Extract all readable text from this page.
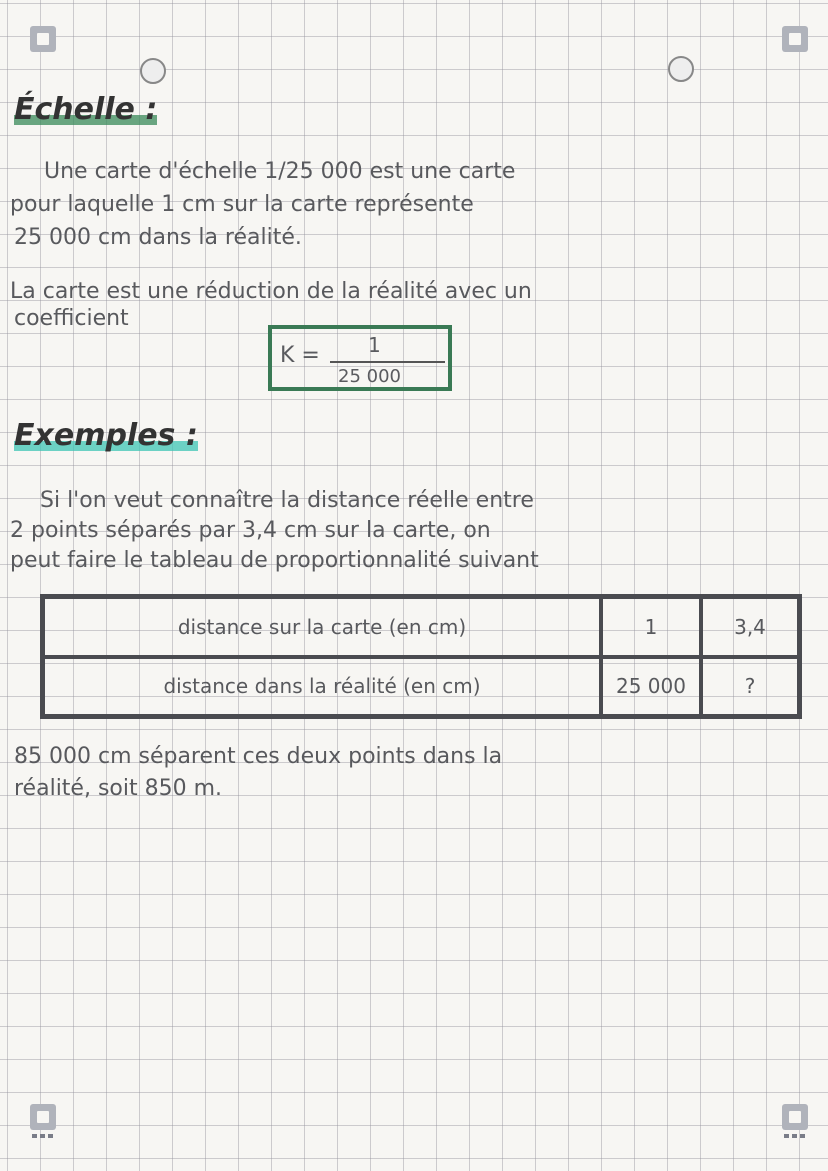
Échelle :
Une carte d'échelle 1/25 000 est une carte
pour laquelle 1 cm sur la carte représente
25 000 cm dans la réalité.
La carte est une réduction de la réalité avec un
coefficient
K = 1
25 000
Exemples :
Si l'on veut connaître la distance réelle entre
2 points séparés par 3,4 cm sur la carte, on
peut faire le tableau de proportionnalité suivant
distance sur la carte (en cm)	1	3,4
distance dans la réalité (en cm)	25 000	?
85 000 cm séparent ces deux points dans la
réalité, soit 850 m.
